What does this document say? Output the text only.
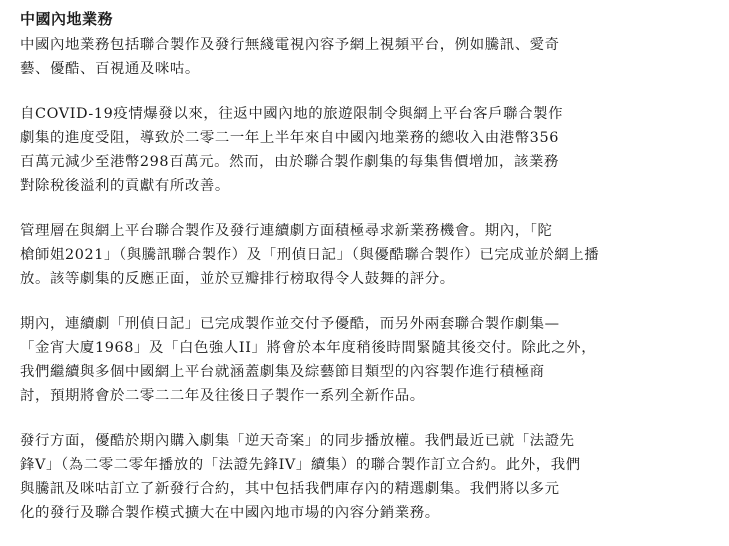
中國內地業務
中國內地業務包括聯合製作及發行無綫電視內容予網上視頻平台，例如騰訊、愛奇
藝、優酷、百視通及咪咕。
自COVID-19疫情爆發以來，往返中國內地的旅遊限制令與網上平台客戶聯合製作
劇集的進度受阻，導致於二零二一年上半年來自中國內地業務的總收入由港幣356
百萬元減少至港幣298百萬元。然而，由於聯合製作劇集的每集售價增加，該業務
對除稅後溢利的貢獻有所改善。
管理層在與網上平台聯合製作及發行連續劇方面積極尋求新業務機會。期內，「陀
槍師姐2021」（與騰訊聯合製作）及「刑偵日記」（與優酷聯合製作）已完成並於網上播
放。該等劇集的反應正面，並於豆瓣排行榜取得令人鼓舞的評分。
期內，連續劇「刑偵日記」已完成製作並交付予優酷，而另外兩套聯合製作劇集—
「金宵大廈1968」及「白色強人II」將會於本年度稍後時間緊隨其後交付。除此之外，
我們繼續與多個中國網上平台就涵蓋劇集及綜藝節目類型的內容製作進行積極商
討，預期將會於二零二二年及往後日子製作一系列全新作品。
發行方面，優酷於期內購入劇集「逆天奇案」的同步播放權。我們最近已就「法證先
鋒V」（為二零二零年播放的「法證先鋒IV」續集）的聯合製作訂立合約。此外，我們
與騰訊及咪咕訂立了新發行合約，其中包括我們庫存內的精選劇集。我們將以多元
化的發行及聯合製作模式擴大在中國內地市場的內容分銷業務。
